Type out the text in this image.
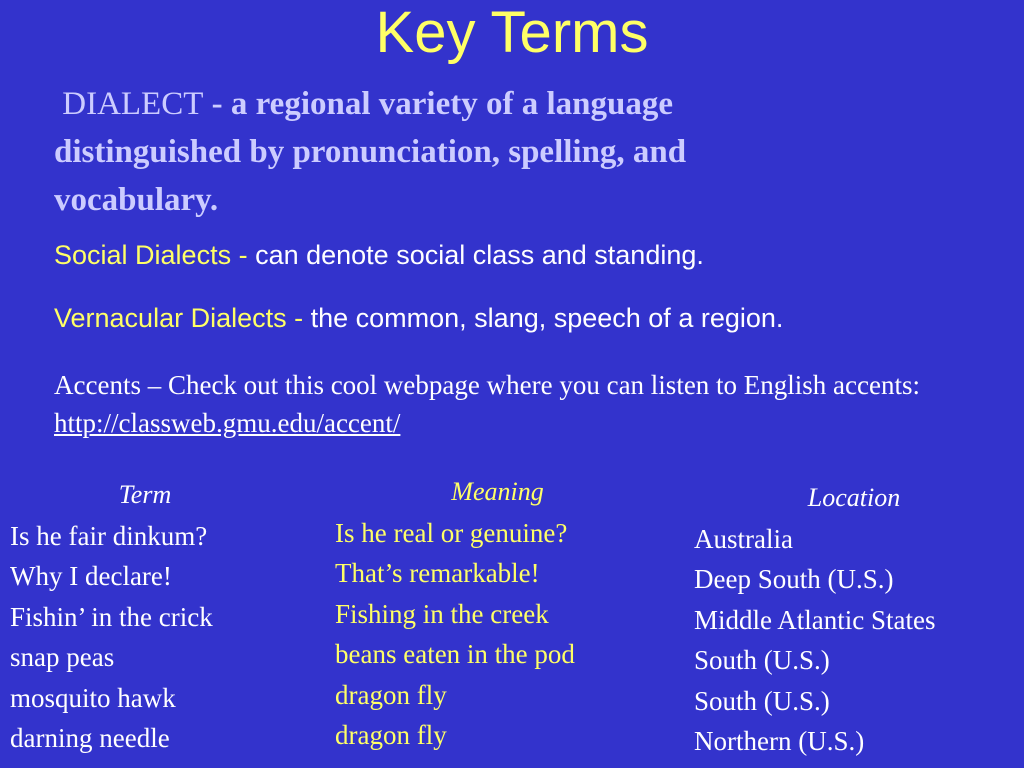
Key Terms
DIALECT - a regional variety of a language distinguished by pronunciation, spelling, and vocabulary.
Social Dialects - can denote social class and standing.
Vernacular Dialects - the common, slang, speech of a region.
Accents – Check out this cool webpage where you can listen to English accents: http://classweb.gmu.edu/accent/
Term
Is he fair dinkum?
Why I declare!
Fishin’ in the crick
snap peas
mosquito hawk
darning needle
Meaning
Is he real or genuine?
That’s remarkable!
Fishing in the creek
beans eaten in the pod
dragon fly
dragon fly
Location
Australia
Deep South (U.S.)
Middle Atlantic States
South (U.S.)
South (U.S.)
Northern (U.S.)
